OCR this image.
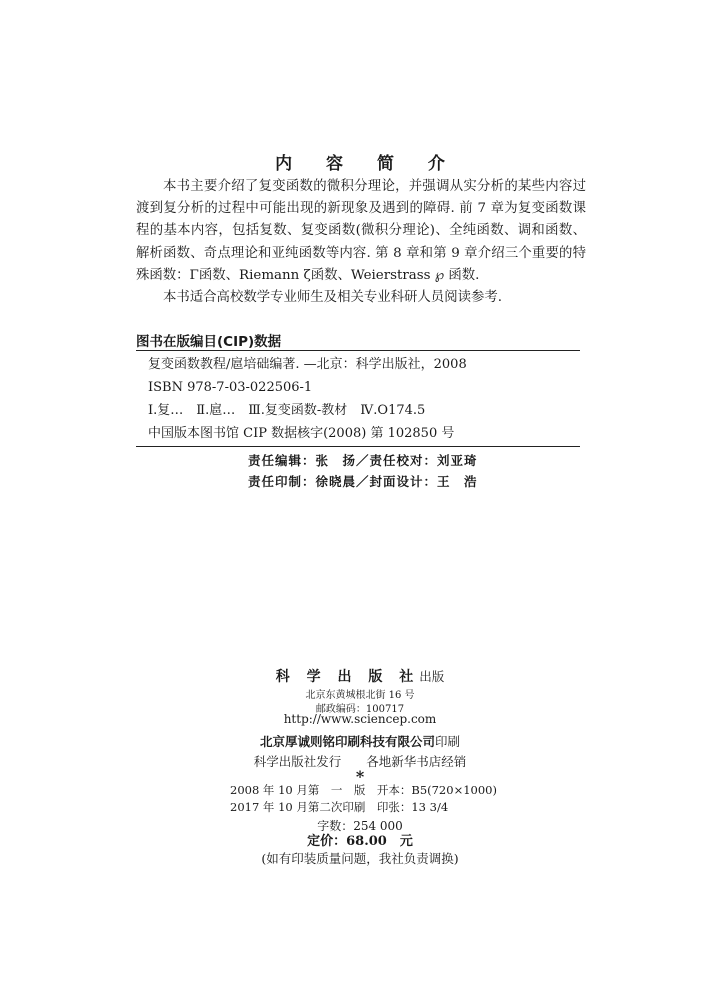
内 容 简 介

本书主要介绍了复变函数的微积分理论，并强调从实分析的某些内容过渡到复分析的过程中可能出现的新现象及遇到的障碍. 前 7 章为复变函数课程的基本内容，包括复数、复变函数(微积分理论)、全纯函数、调和函数、解析函数、奇点理论和亚纯函数等内容. 第 8 章和第 9 章介绍三个重要的特殊函数：Γ函数、Riemann ζ函数、Weierstrass ℘ 函数.

本书适合高校数学专业师生及相关专业科研人员阅读参考.

图书在版编目(CIP)数据
复变函数教程/扈培础编著. —北京：科学出版社，2008
ISBN 978-7-03-022506-1
Ⅰ.复…　Ⅱ.扈…　Ⅲ.复变函数-教材　Ⅳ.O174.5
中国版本图书馆 CIP 数据核字(2008) 第 102850 号
责任编辑：张　扬／责任校对：刘亚琦
责任印制：徐晓晨／封面设计：王　浩
科 学 出 版 社出版
北京东黄城根北街 16 号
邮政编码：100717
http://www.sciencep.com
北京厚诚则铭印刷科技有限公司印刷
科学出版社发行　　各地新华书店经销
*
2008 年 10 月第　一　版　开本：B5(720×1000)
2017 年 10 月第二次印刷　印张：13 3/4
字数：254 000
定价：68.00　元
(如有印装质量问题，我社负责调换)
